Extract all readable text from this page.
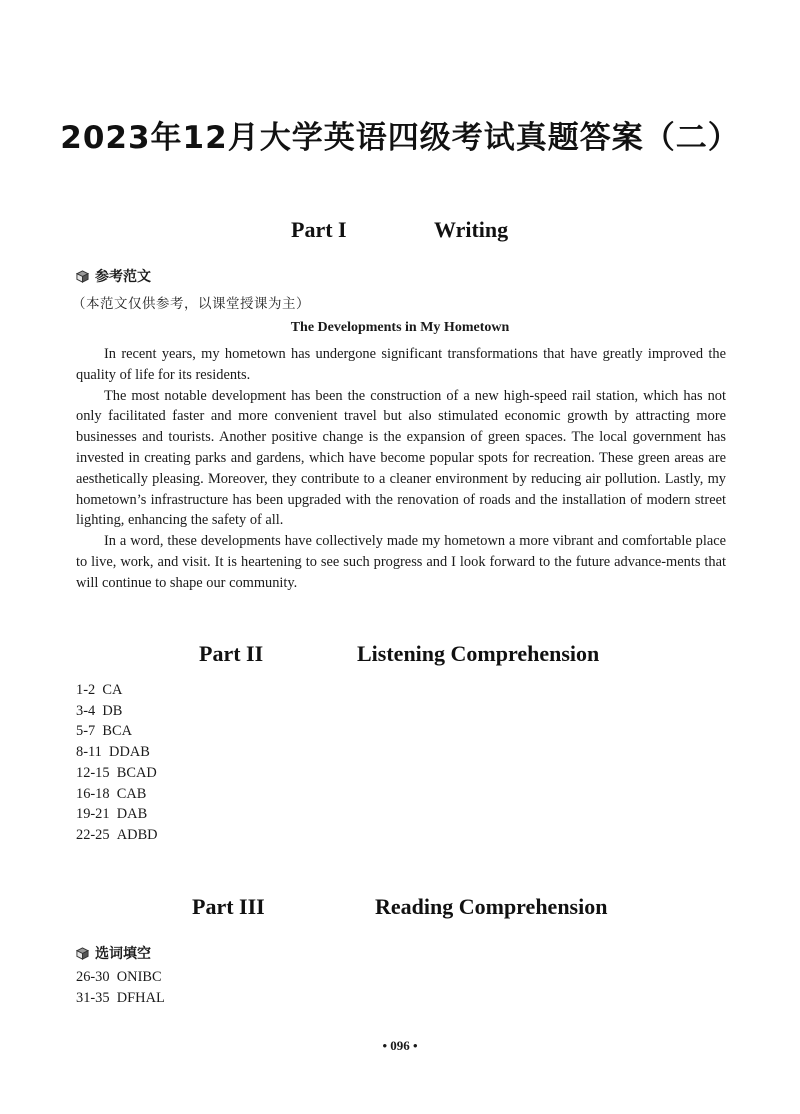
2023年12月大学英语四级考试真题答案（二）
Part I	Writing
参考范文
（本范文仅供参考，以课堂授课为主）
The Developments in My Hometown

In recent years, my hometown has undergone significant transformations that have greatly improved the quality of life for its residents.

The most notable development has been the construction of a new high-speed rail station, which has not only facilitated faster and more convenient travel but also stimulated economic growth by attracting more businesses and tourists. Another positive change is the expansion of green spaces. The local government has invested in creating parks and gardens, which have become popular spots for recreation. These green areas are aesthetically pleasing. Moreover, they contribute to a cleaner environment by reducing air pollution. Lastly, my hometown’s infrastructure has been upgraded with the renovation of roads and the installation of modern street lighting, enhancing the safety of all.

In a word, these developments have collectively made my hometown a more vibrant and comfortable place to live, work, and visit. It is heartening to see such progress and I look forward to the future advance-ments that will continue to shape our community.

Part II	Listening Comprehension
1-2 CA
3-4 DB
5-7 BCA
8-11 DDAB
12-15 BCAD
16-18 CAB
19-21 DAB
22-25 ADBD
Part III	Reading Comprehension
选词填空
26-30 ONIBC
31-35 DFHAL
• 096 •
